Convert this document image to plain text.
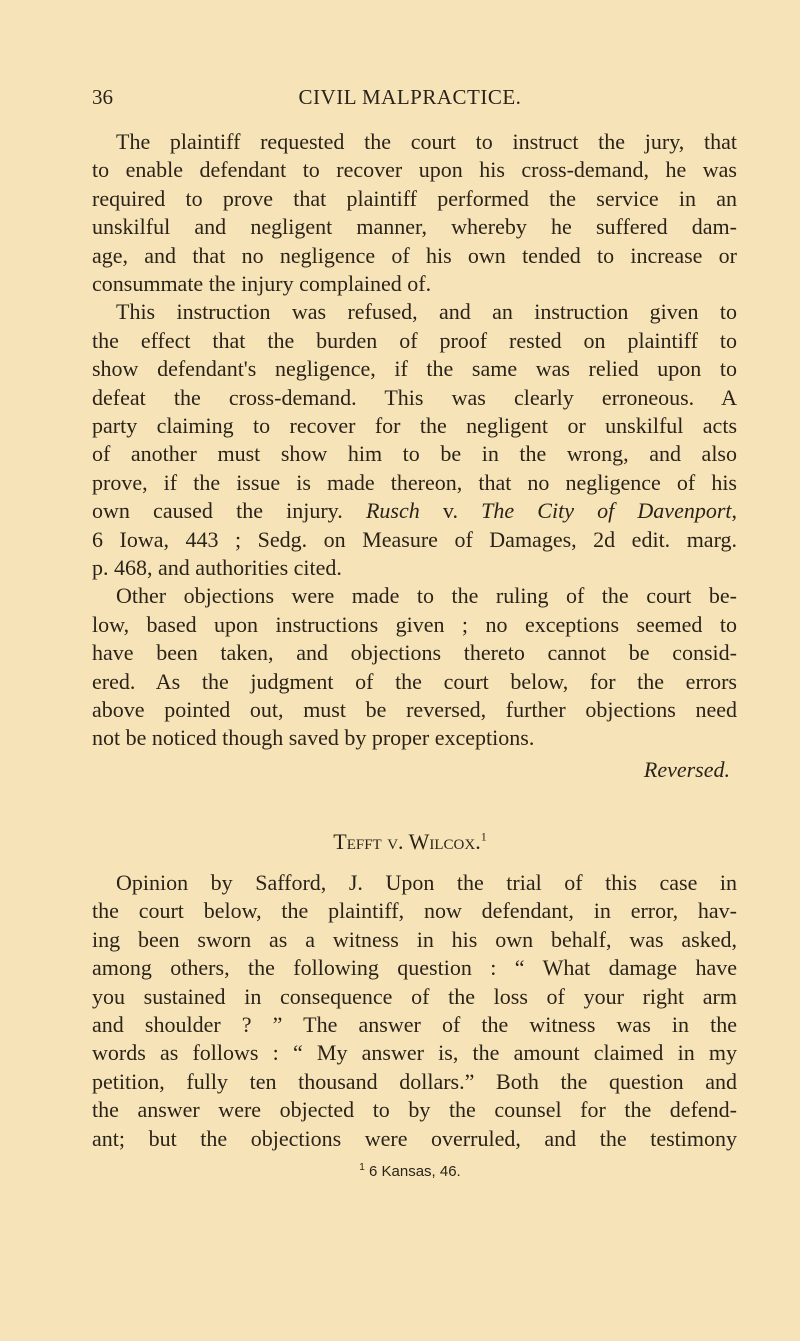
36	CIVIL MALPRACTICE.
The plaintiff requested the court to instruct the jury, that
to enable defendant to recover upon his cross-demand, he was
required to prove that plaintiff performed the service in an
unskilful and negligent manner, whereby he suffered dam-
age, and that no negligence of his own tended to increase or
consummate the injury complained of.
This instruction was refused, and an instruction given to
the effect that the burden of proof rested on plaintiff to
show defendant's negligence, if the same was relied upon to
defeat the cross-demand. This was clearly erroneous. A
party claiming to recover for the negligent or unskilful acts
of another must show him to be in the wrong, and also
prove, if the issue is made thereon, that no negligence of his
own caused the injury. Rusch v. The City of Davenport,
6 Iowa, 443 ; Sedg. on Measure of Damages, 2d edit. marg.
p. 468, and authorities cited.
Other objections were made to the ruling of the court be-
low, based upon instructions given ; no exceptions seemed to
have been taken, and objections thereto cannot be consid-
ered. As the judgment of the court below, for the errors
above pointed out, must be reversed, further objections need
not be noticed though saved by proper exceptions.
Opinion by Safford, J. Upon the trial of this case in
the court below, the plaintiff, now defendant, in error, hav-
ing been sworn as a witness in his own behalf, was asked,
among others, the following question : “ What damage have
you sustained in consequence of the loss of your right arm
and shoulder ? ” The answer of the witness was in the
words as follows : “ My answer is, the amount claimed in my
petition, fully ten thousand dollars.” Both the question and
the answer were objected to by the counsel for the defend-
ant; but the objections were overruled, and the testimony
Reversed.
Tefft v. Wilcox.$^1$
$^1$ 6 Kansas, 46.
